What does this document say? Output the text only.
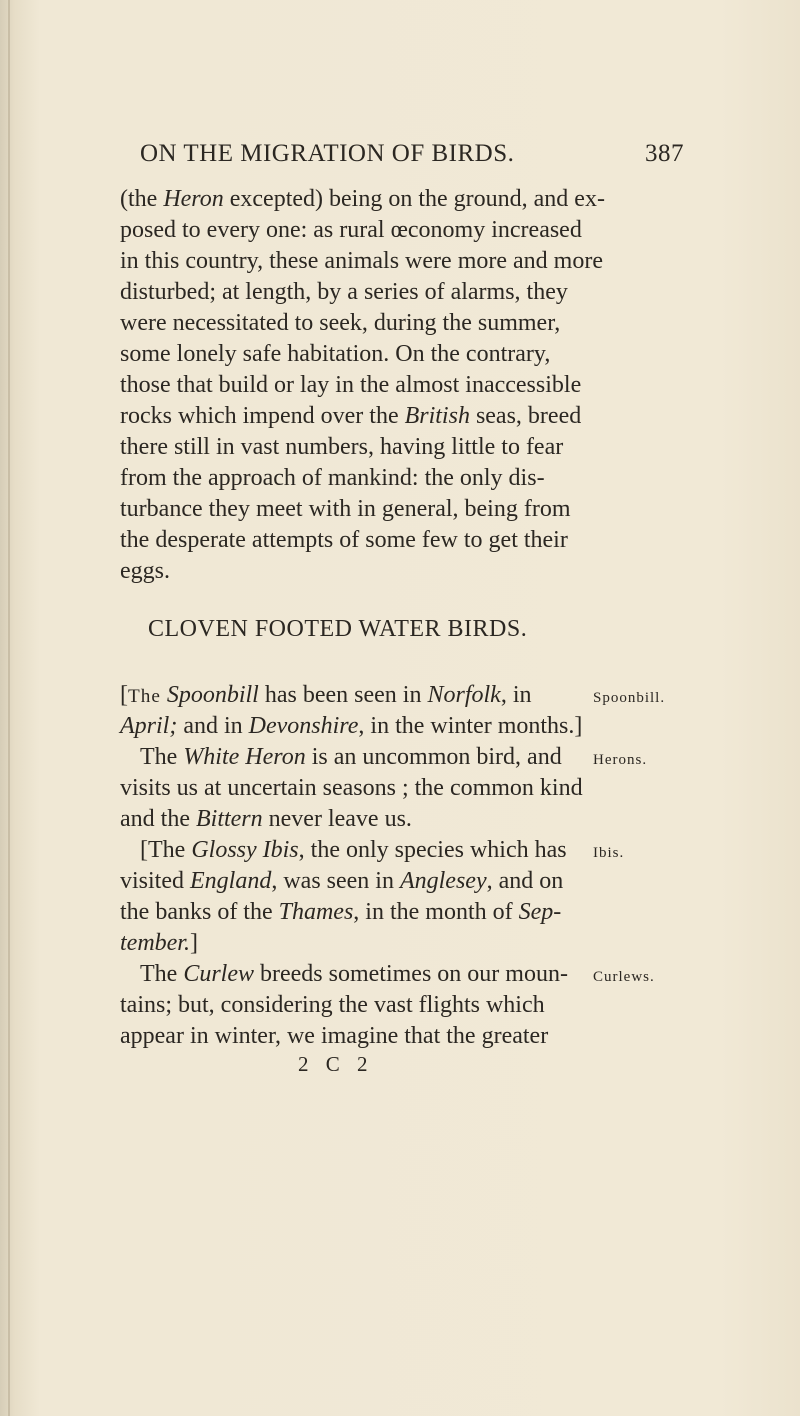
ON THE MIGRATION OF BIRDS.	387
(the Heron excepted) being on the ground, and ex-
posed to every one: as rural œconomy increased
in this country, these animals were more and more
disturbed; at length, by a series of alarms, they
were necessitated to seek, during the summer,
some lonely safe habitation. On the contrary,
those that build or lay in the almost inaccessible
rocks which impend over the British seas, breed
there still in vast numbers, having little to fear
from the approach of mankind: the only dis-
turbance they meet with in general, being from
the desperate attempts of some few to get their
eggs.
CLOVEN FOOTED WATER BIRDS.
[The Spoonbill has been seen in Norfolk, in
April; and in Devonshire, in the winter months.]
The White Heron is an uncommon bird, and
visits us at uncertain seasons ; the common kind
and the Bittern never leave us.
[The Glossy Ibis, the only species which has
visited England, was seen in Anglesey, and on
the banks of the Thames, in the month of Sep-
tember.]
The Curlew breeds sometimes on our moun-
tains; but, considering the vast flights which
appear in winter, we imagine that the greater
Spoonbill.
Herons.
Ibis.
Curlews.
2 C 2
